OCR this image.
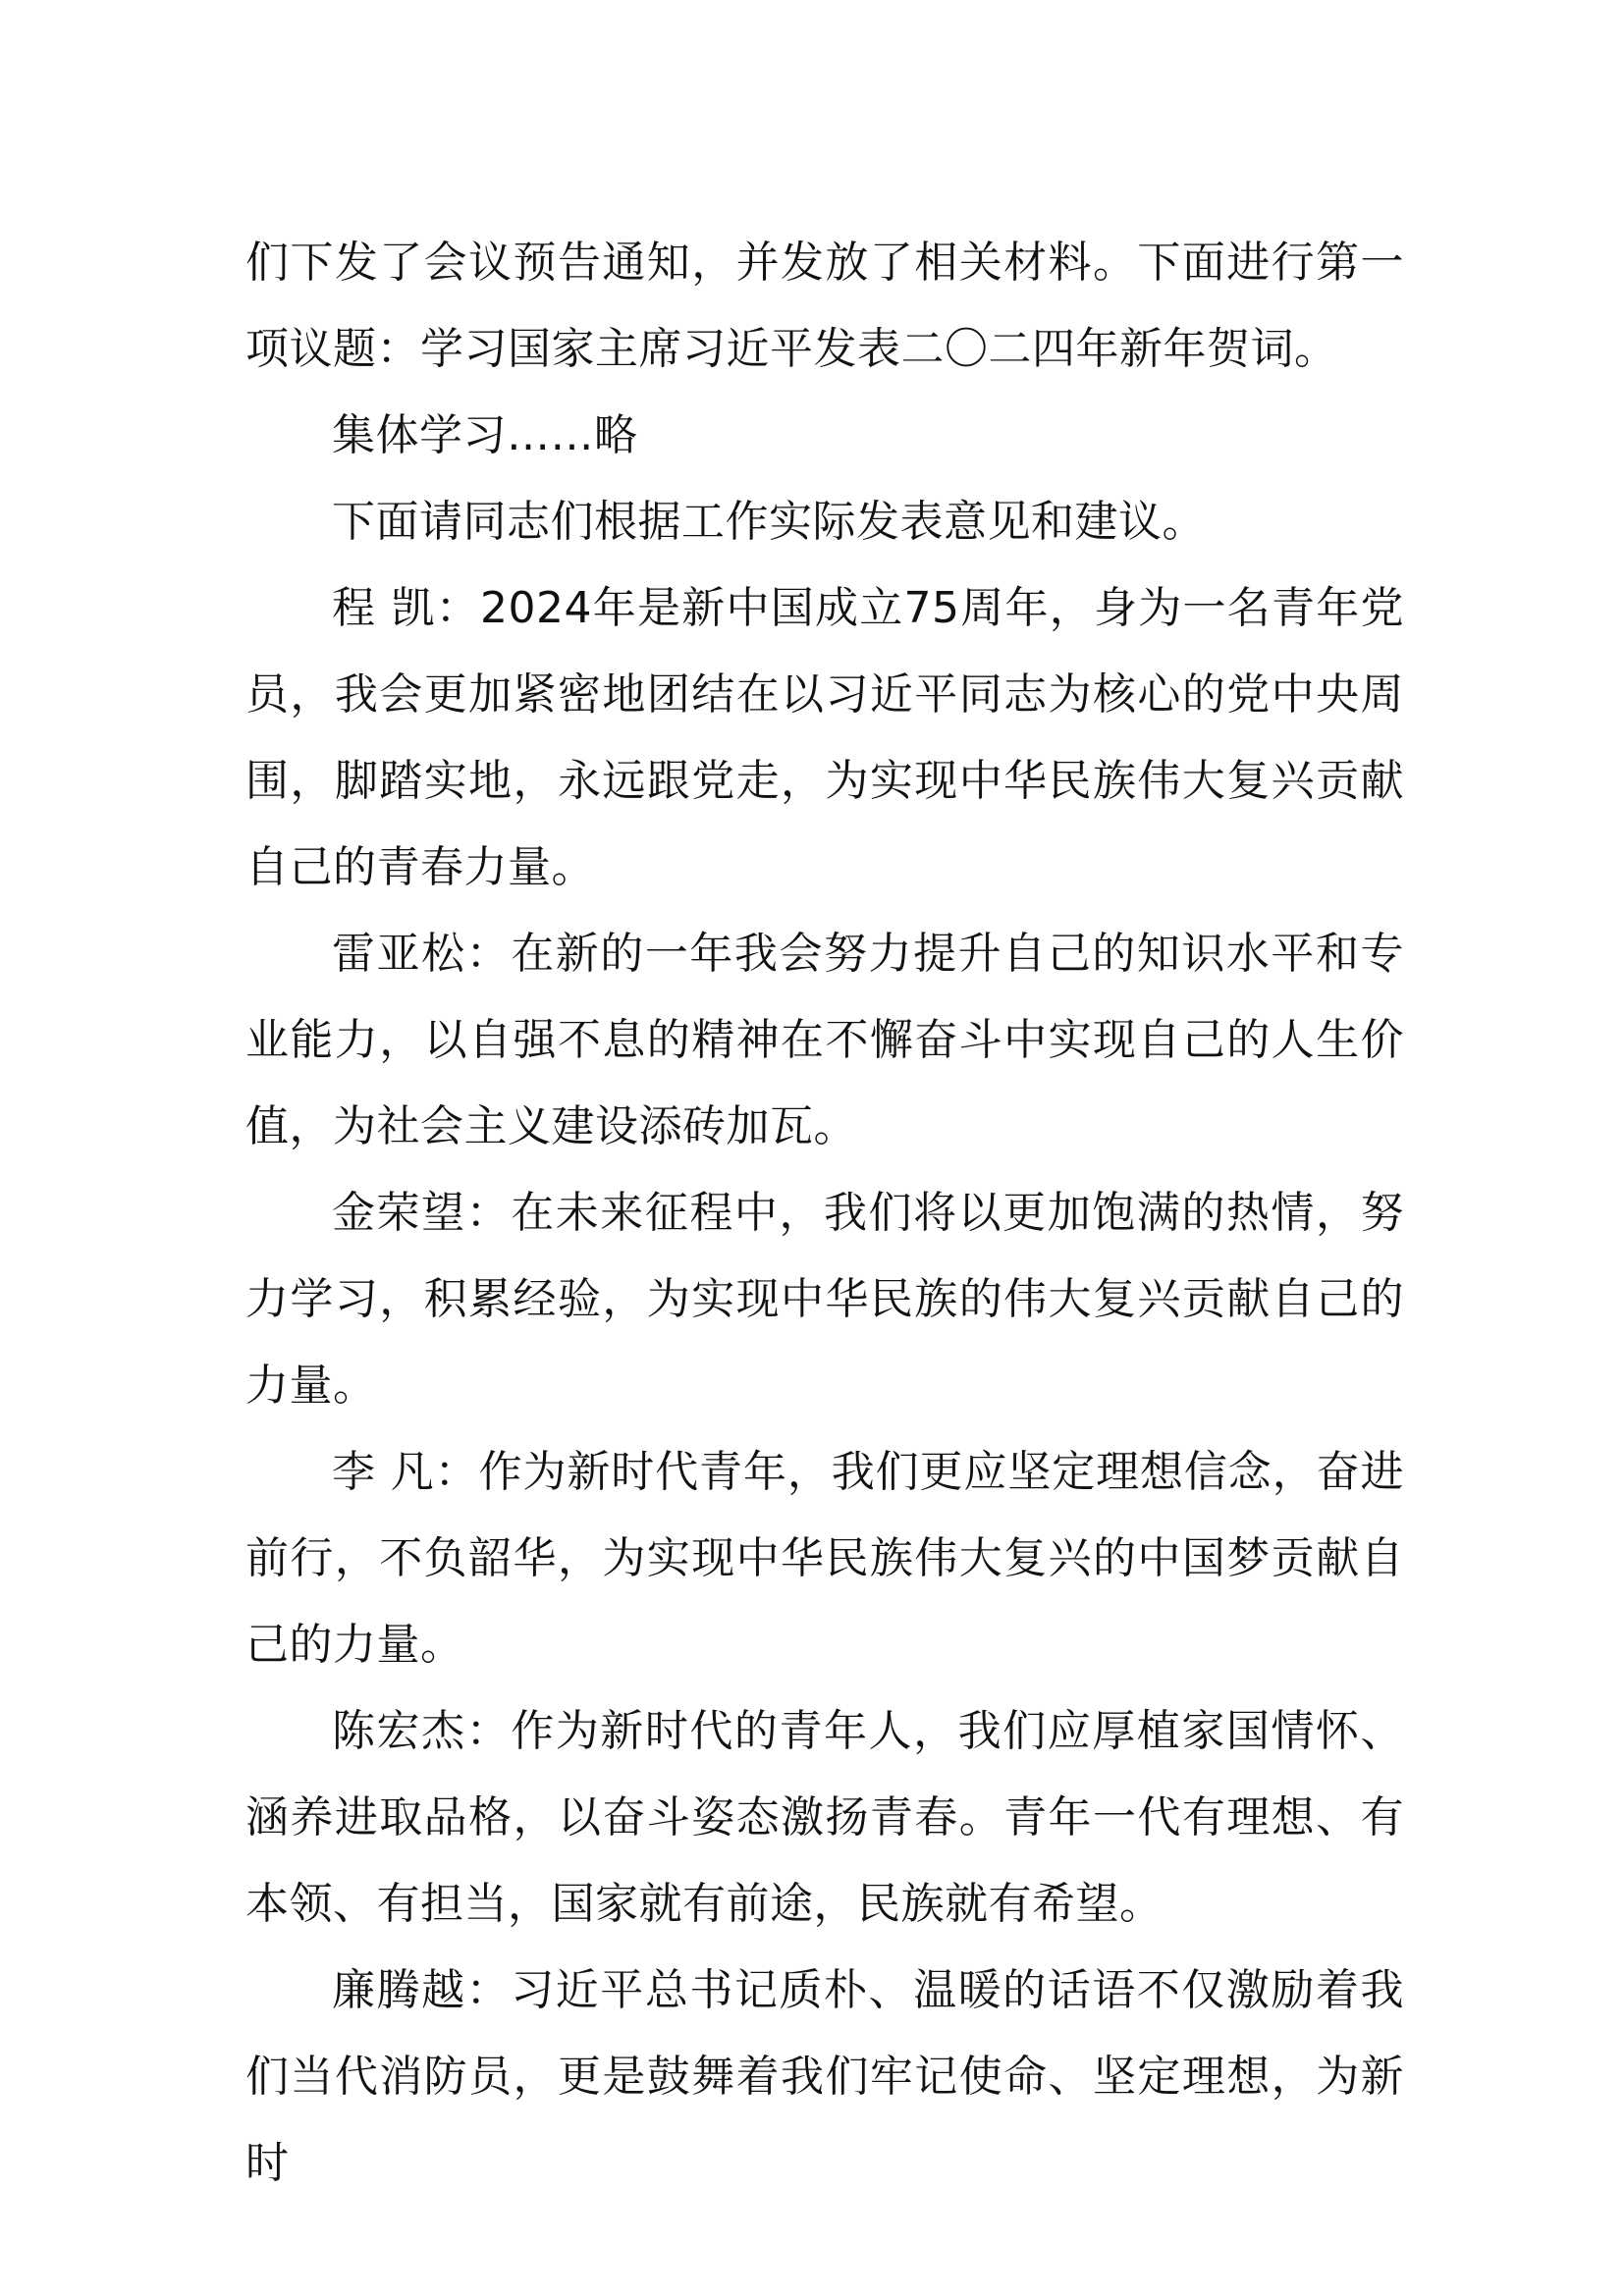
们下发了会议预告通知，并发放了相关材料。下面进行第一项议题：学习国家主席习近平发表二〇二四年新年贺词。

集体学习……略

下面请同志们根据工作实际发表意见和建议。

程 凯：2024年是新中国成立75周年，身为一名青年党员，我会更加紧密地团结在以习近平同志为核心的党中央周围，脚踏实地，永远跟党走，为实现中华民族伟大复兴贡献自己的青春力量。

雷亚松：在新的一年我会努力提升自己的知识水平和专业能力，以自强不息的精神在不懈奋斗中实现自己的人生价值，为社会主义建设添砖加瓦。

金荣望：在未来征程中，我们将以更加饱满的热情，努力学习，积累经验，为实现中华民族的伟大复兴贡献自己的力量。

李 凡：作为新时代青年，我们更应坚定理想信念，奋进前行，不负韶华，为实现中华民族伟大复兴的中国梦贡献自己的力量。

陈宏杰：作为新时代的青年人，我们应厚植家国情怀、涵养进取品格，以奋斗姿态激扬青春。青年一代有理想、有本领、有担当，国家就有前途，民族就有希望。

廉腾越：习近平总书记质朴、温暖的话语不仅激励着我们当代消防员，更是鼓舞着我们牢记使命、坚定理想，为新时
